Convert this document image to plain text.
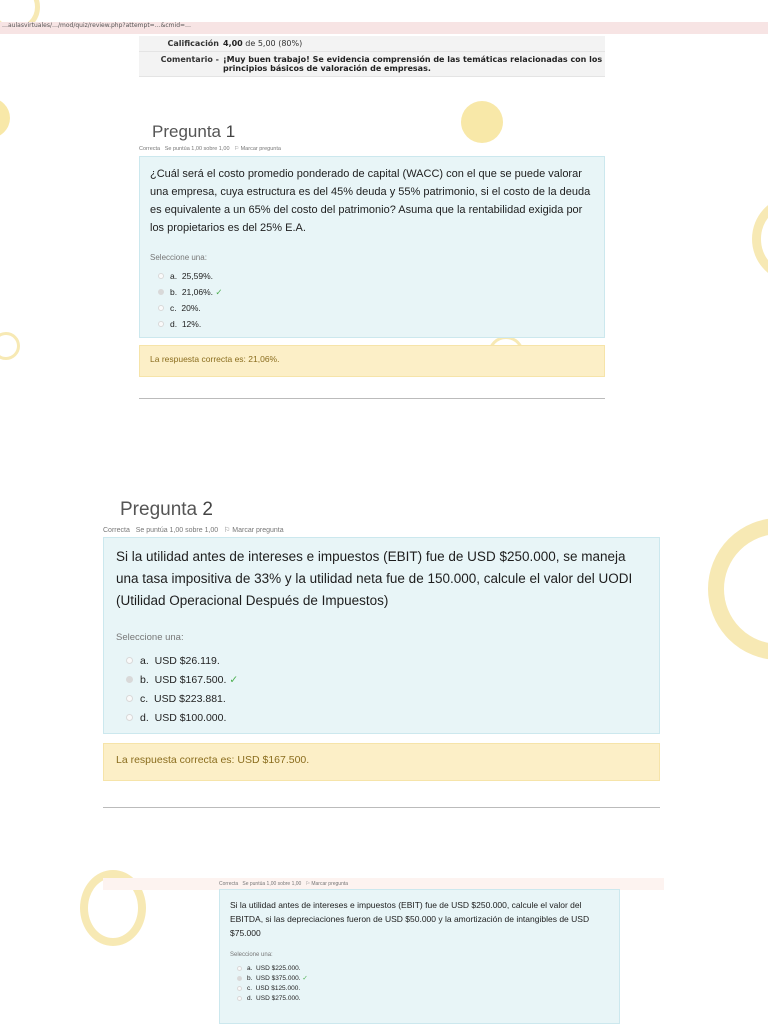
…aulasvirtuales/…/mod/quiz/review.php?attempt=…&cmid=…
Calificación 4,00 de 5,00 (80%)
Comentario - ¡Muy buen trabajo! Se evidencia comprensión de las temáticas relacionadas con los principios básicos de valoración de empresas.
Pregunta 1
Correcta Se puntúa 1,00 sobre 1,00 ⚐ Marcar pregunta
¿Cuál será el costo promedio ponderado de capital (WACC) con el que se puede valorar una empresa, cuya estructura es del 45% deuda y 55% patrimonio, si el costo de la deuda es equivalente a un 65% del costo del patrimonio? Asuma que la rentabilidad exigida por los propietarios es del 25% E.A.
Seleccione una:
a.
25,59%.
b.
21,06%.
✓
c.
20%.
d.
12%.
La respuesta correcta es: 21,06%.
Pregunta 2
Correcta Se puntúa 1,00 sobre 1,00 ⚐ Marcar pregunta
Si la utilidad antes de intereses e impuestos (EBIT) fue de USD $250.000, se maneja una tasa impositiva de 33% y la utilidad neta fue de 150.000, calcule el valor del UODI (Utilidad Operacional Después de Impuestos)
Seleccione una:
a.
USD $26.119.
b.
USD $167.500.
✓
c.
USD $223.881.
d.
USD $100.000.
La respuesta correcta es: USD $167.500.
Correcta Se puntúa 1,00 sobre 1,00 ⚐ Marcar pregunta
Si la utilidad antes de intereses e impuestos (EBIT) fue de USD $250.000, calcule el valor del EBITDA, si las depreciaciones fueron de USD $50.000 y la amortización de intangibles de USD $75.000
Seleccione una:
a.
USD $225.000.
b.
USD $375.000.
✓
c.
USD $125.000.
d.
USD $275.000.
